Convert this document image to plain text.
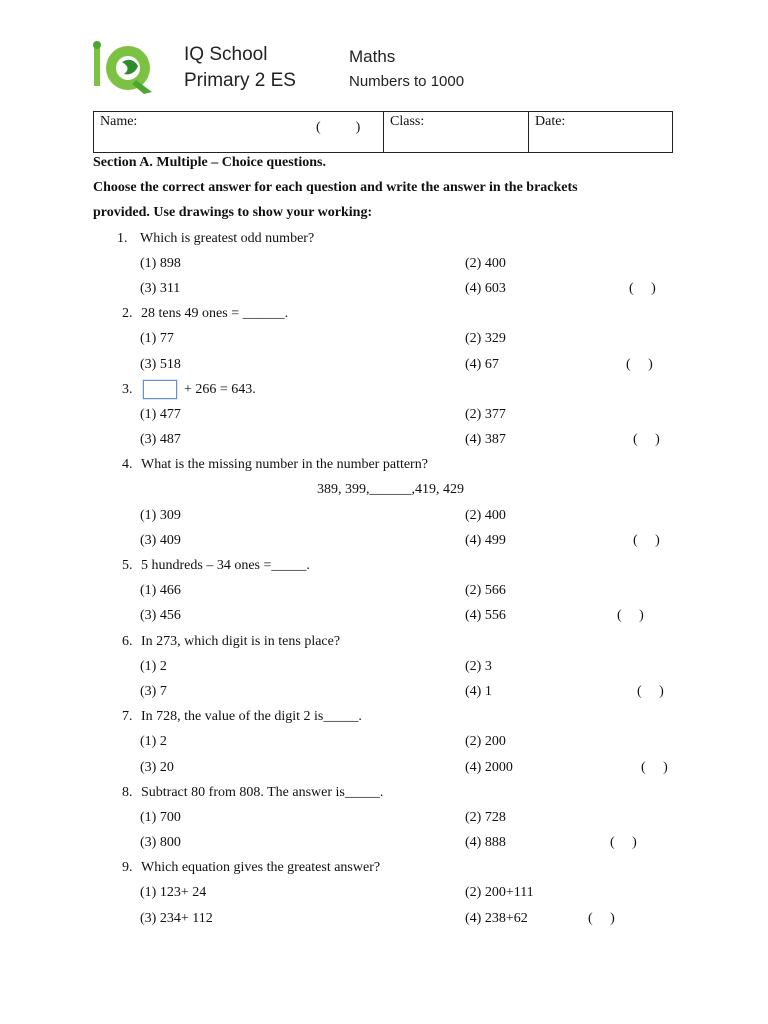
IQ School
Primary 2 ES
Maths
Numbers to 1000
Name:	(          ) Class:	Date:
Section A. Multiple – Choice questions.
Choose the correct answer for each question and write the answer in the brackets
provided. Use drawings to show your working:
1. Which is greatest odd number?
(1) 898	(2) 400
(3) 311	(4) 603	(     )
2. 28 tens 49 ones = ______.
(1) 77	(2) 329
(3) 518	(4) 67	(     )
3.	+ 266 = 643.
(1) 477	(2) 377
(3) 487	(4) 387	(     )
4. What is the missing number in the number pattern?
389, 399,______,419, 429
(1) 309	(2) 400
(3) 409	(4) 499	(     )
5. 5 hundreds – 34 ones =_____.
(1) 466	(2) 566
(3) 456	(4) 556	(     )
6. In 273, which digit is in tens place?
(1) 2	(2) 3
(3) 7	(4) 1	(     )
7. In 728, the value of the digit 2 is_____.
(1) 2	(2) 200
(3) 20	(4) 2000	(     )
8. Subtract 80 from 808. The answer is_____.
(1) 700	(2) 728
(3) 800	(4) 888	(     )
9. Which equation gives the greatest answer?
(1) 123+ 24	(2) 200+111
(3) 234+ 112	(4) 238+62	(     )
